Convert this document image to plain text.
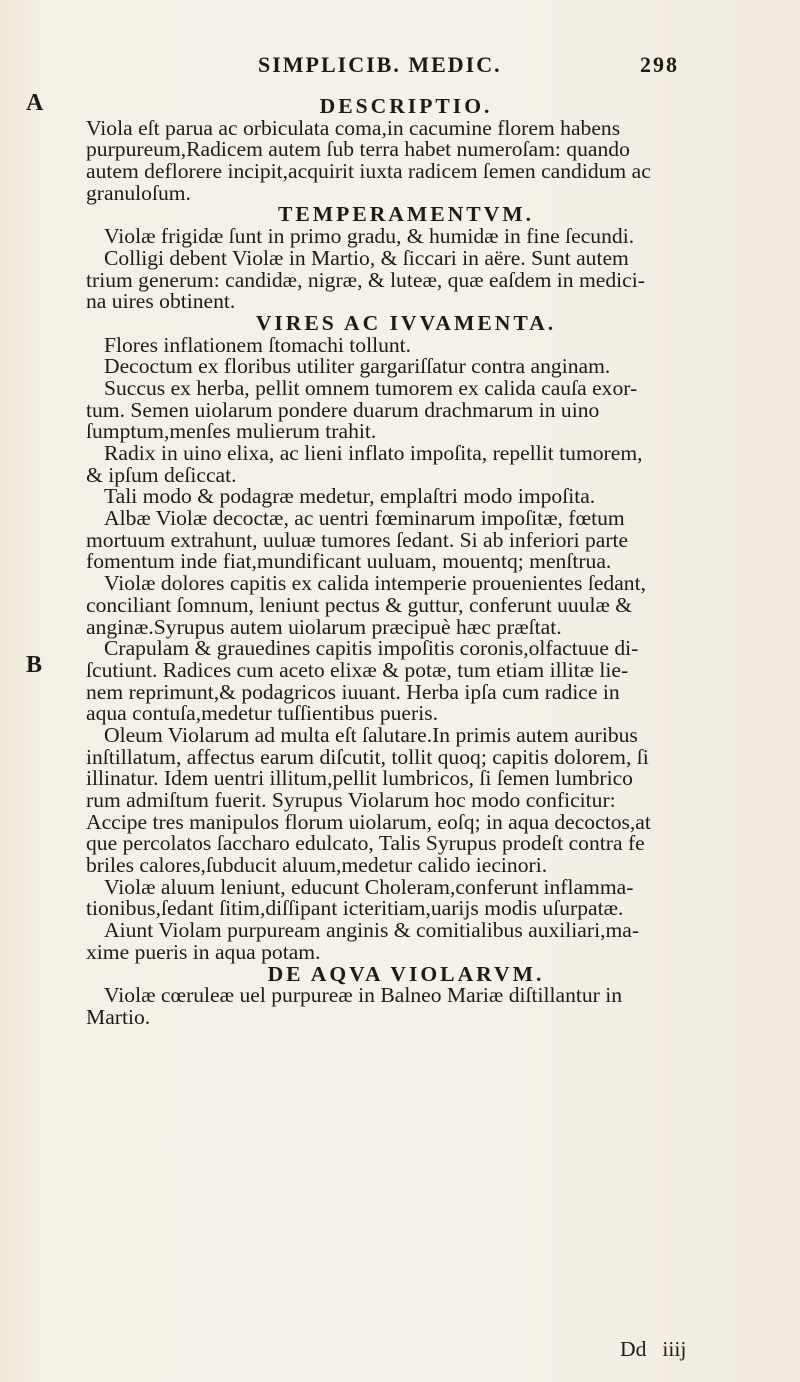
SIMPLICIB. MEDIC.	298
A
B
DESCRIPTIO.
Viola eſt parua ac orbiculata coma,in cacumine florem habens
purpureum,Radicem autem ſub terra habet numeroſam: quando
autem deflorere incipit,acquirit iuxta radicem ſemen candidum ac
granuloſum.
TEMPERAMENTVM.
Violæ frigidæ ſunt in primo gradu, & humidæ in fine ſecundi.
Colligi debent Violæ in Martio, & ſiccari in aëre. Sunt autem
trium generum: candidæ, nigræ, & luteæ, quæ eaſdem in medici-
na uires obtinent.
VIRES AC IVVAMENTA.
Flores inflationem ſtomachi tollunt.
Decoctum ex floribus utiliter gargariſſatur contra anginam.
Succus ex herba, pellit omnem tumorem ex calida cauſa exor-
tum. Semen uiolarum pondere duarum drachmarum in uino
ſumptum,menſes mulierum trahit.
Radix in uino elixa, ac lieni inflato impoſita, repellit tumorem,
& ipſum deſiccat.
Tali modo & podagræ medetur, emplaſtri modo impoſita.
Albæ Violæ decoctæ, ac uentri fœminarum impoſitæ, fœtum
mortuum extrahunt, uuluæ tumores ſedant. Si ab inferiori parte
fomentum inde fiat,mundificant uuluam, mouentq; menſtrua.
Violæ dolores capitis ex calida intemperie prouenientes ſedant,
conciliant ſomnum, leniunt pectus & guttur, conferunt uuulæ &
anginæ.Syrupus autem uiolarum præcipuè hæc præſtat.
Crapulam & grauedines capitis impoſitis coronis,olfactuue di-
ſcutiunt. Radices cum aceto elixæ & potæ, tum etiam illitæ lie-
nem reprimunt,& podagricos iuuant. Herba ipſa cum radice in
aqua contuſa,medetur tuſſientibus pueris.
Oleum Violarum ad multa eſt ſalutare.In primis autem auribus
inſtillatum, affectus earum diſcutit, tollit quoq; capitis dolorem, ſi
illinatur. Idem uentri illitum,pellit lumbricos, ſi ſemen lumbrico
rum admiſtum fuerit. Syrupus Violarum hoc modo conficitur:
Accipe tres manipulos florum uiolarum, eoſq; in aqua decoctos,at
que percolatos ſaccharo edulcato, Talis Syrupus prodeſt contra fe
briles calores,ſubducit aluum,medetur calido iecinori.
Violæ aluum leniunt, educunt Choleram,conferunt inflamma-
tionibus,ſedant ſitim,diſſipant icteritiam,uarijs modis uſurpatæ.
Aiunt Violam purpuream anginis & comitialibus auxiliari,ma-
xime pueris in aqua potam.
DE AQVA VIOLARVM.
Violæ cœruleæ uel purpureæ in Balneo Mariæ diſtillantur in
Martio.
Dd iiij
